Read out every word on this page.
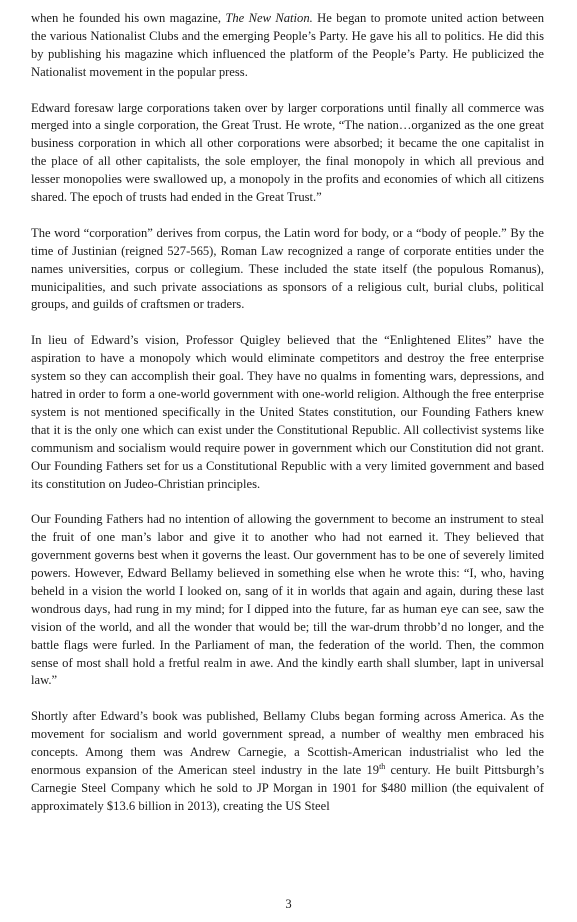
when he founded his own magazine, The New Nation. He began to promote united action between the various Nationalist Clubs and the emerging People’s Party. He gave his all to politics. He did this by publishing his magazine which influenced the platform of the People’s Party. He publicized the Nationalist movement in the popular press.

Edward foresaw large corporations taken over by larger corporations until finally all commerce was merged into a single corporation, the Great Trust. He wrote, “The nation…organized as the one great business corporation in which all other corporations were absorbed; it became the one capitalist in the place of all other capitalists, the sole employer, the final monopoly in which all previous and lesser monopolies were swallowed up, a monopoly in the profits and economies of which all citizens shared. The epoch of trusts had ended in the Great Trust.”

The word “corporation” derives from corpus, the Latin word for body, or a “body of people.” By the time of Justinian (reigned 527-565), Roman Law recognized a range of corporate entities under the names universities, corpus or collegium. These included the state itself (the populous Romanus), municipalities, and such private associations as sponsors of a religious cult, burial clubs, political groups, and guilds of craftsmen or traders.

In lieu of Edward’s vision, Professor Quigley believed that the “Enlightened Elites” have the aspiration to have a monopoly which would eliminate competitors and destroy the free enterprise system so they can accomplish their goal. They have no qualms in fomenting wars, depressions, and hatred in order to form a one-world government with one-world religion. Although the free enterprise system is not mentioned specifically in the United States constitution, our Founding Fathers knew that it is the only one which can exist under the Constitutional Republic. All collectivist systems like communism and socialism would require power in government which our Constitution did not grant. Our Founding Fathers set for us a Constitutional Republic with a very limited government and based its constitution on Judeo-Christian principles.

Our Founding Fathers had no intention of allowing the government to become an instrument to steal the fruit of one man’s labor and give it to another who had not earned it. They believed that government governs best when it governs the least. Our government has to be one of severely limited powers. However, Edward Bellamy believed in something else when he wrote this: “I, who, having beheld in a vision the world I looked on, sang of it in worlds that again and again, during these last wondrous days, had rung in my mind; for I dipped into the future, far as human eye can see, saw the vision of the world, and all the wonder that would be; till the war-drum throbb’d no longer, and the battle flags were furled. In the Parliament of man, the federation of the world. Then, the common sense of most shall hold a fretful realm in awe. And the kindly earth shall slumber, lapt in universal law.”

Shortly after Edward’s book was published, Bellamy Clubs began forming across America. As the movement for socialism and world government spread, a number of wealthy men embraced his concepts. Among them was Andrew Carnegie, a Scottish-American industrialist who led the enormous expansion of the American steel industry in the late 19th century. He built Pittsburgh’s Carnegie Steel Company which he sold to JP Morgan in 1901 for $480 million (the equivalent of approximately $13.6 billion in 2013), creating the US Steel

3
